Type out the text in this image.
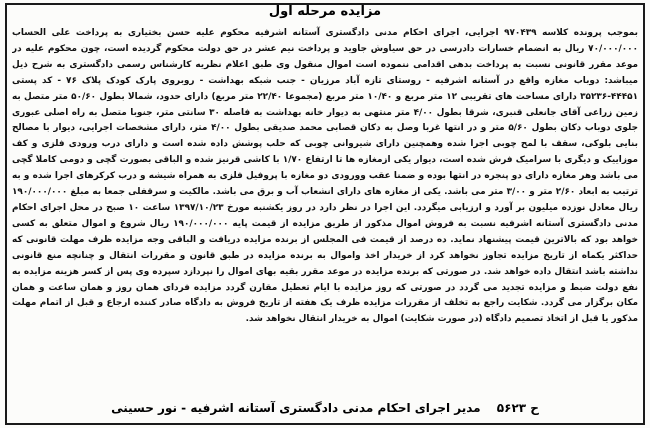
مزایده مرحله اول

بموجب پرونده کلاسه ۹۷۰۴۳۹ اجرایی، اجرای احکام مدنی دادگستری آستانه اشرفیه محکوم علیه حسن بختیاری به پرداخت علی الحساب ۷۰/۰۰۰/۰۰۰ ریال به انضمام خسارات دادرسی در حق سیاوش جاوید و پرداخت نیم عشر در حق دولت محکوم گردیده است، چون محکوم علیه در موعد مقرر قانونی نسبت به پرداخت بدهی اقدامی ننموده است اموال منقول وی طبق اعلام نظریه کارشناس رسمی دادگستری به شرح ذیل میباشد: دوباب مغازه واقع در آستانه اشرفیه - روستای تازه آباد مرزیان - جنب شبکه بهداشت - روبروی پارک کودک پلاک ۷۶ - کد پستی ۴۴۴۵۱-۳۵۲۳۶ دارای مساحت های تقریبی ۱۲ متر مربع و ۱۰/۴۰ متر مربع (مجموعا ۲۲/۴۰ متر مربع) دارای حدود، شمالا بطول ۵۰/۶۰ متر متصل به زمین زراعی آقای جانعلی قنبری، شرقا بطول ۴/۰۰ متر منتهی به دیوار خانه بهداشت به فاصله ۳۰ سانتی متر، جنوبا متصل به راه اصلی عبوری جلوی دوباب دکان بطول ۵/۶۰ متر و در انتها غربا وصل به دکان قصابی محمد صدیقی بطول ۴/۰۰ متر، دارای مشخصات اجرایی، دیوار با مصالح بنایی بلوکی، سقف با لمح چوبی اجرا شده وهمچنین دارای شیروانی چوبی که حلب پوشش داده شده است و دارای درب ورودی فلزی و کف موزاییک و دیگری با سرامیک فرش شده است، دیوار یکی ازمغازه ها تا ارتفاع ۱/۷۰ با کاشی قرنیز شده و الباقی بصورت گچی و دومی کاملا گچی می باشد وهر مغازه دارای دو پنجره در انتها بوده و ضمنا عقب وورودی دو مغازه با پروفیل فلزی به همراه شیشه و درب کرکرهای اجرا شده و به ترتیب به ابعاد ۲/۶۰ متر و ۳/۰۰ متر می باشد. یکی از مغازه های دارای انشعاب آب و برق می باشد. مالکیت و سرقفلی جمعا به مبلغ ۱۹۰/۰۰۰/۰۰۰ ریال معادل نوزده میلیون بر آورد و ارزیابی میگردد. این اجرا در نظر دارد در روز یکشنبه مورخ ۱۳۹۷/۱۰/۲۳ ساعت ۱۰ صبح در محل اجرای احکام مدنی دادگستری آستانه اشرفیه نسبت به فروش اموال مذکور از طریق مزایده از قیمت پایه ۱۹۰/۰۰۰/۰۰۰ ریال شروع و اموال متعلق به کسی خواهد بود که بالاترین قیمت پیشنهاد نماید. ده درصد از قیمت فی المجلس از برنده مزایده دریافت و الباقی وجه مزایده ظرف مهلت قانونی که حداکثر یکماه از تاریخ مزایده تجاوز نخواهد کرد از خریدار اخذ واموال به برنده مزایده در طبق قانون و مقررات انتقال و چنانچه منع قانونی نداشته باشد انتقال داده خواهد شد. در صورتی که برنده مزایده در موعد مقرر بقیه بهای اموال را نپردازد سپرده وی پس از کسر هزینه مزایده به نفع دولت ضبط و مزایده تجدید می گردد در صورتی که روز مزایده با ایام تعطیل مقارن گردد مزایده فردای همان روز و همان ساعت و همان مکان برگزار می گردد. شکایت راجع به تخلف از مقررات مزایده ظرف یک هفته از تاریخ فروش به دادگاه صادر کننده ارجاع و قبل از اتمام مهلت مذکور یا قبل از اتخاذ تصمیم دادگاه (در صورت شکایت) اموال به خریدار انتقال نخواهد شد.

ح ۵۶۲۳ مدیر اجرای احکام مدنی دادگستری آستانه اشرفیه - نور حسینی
